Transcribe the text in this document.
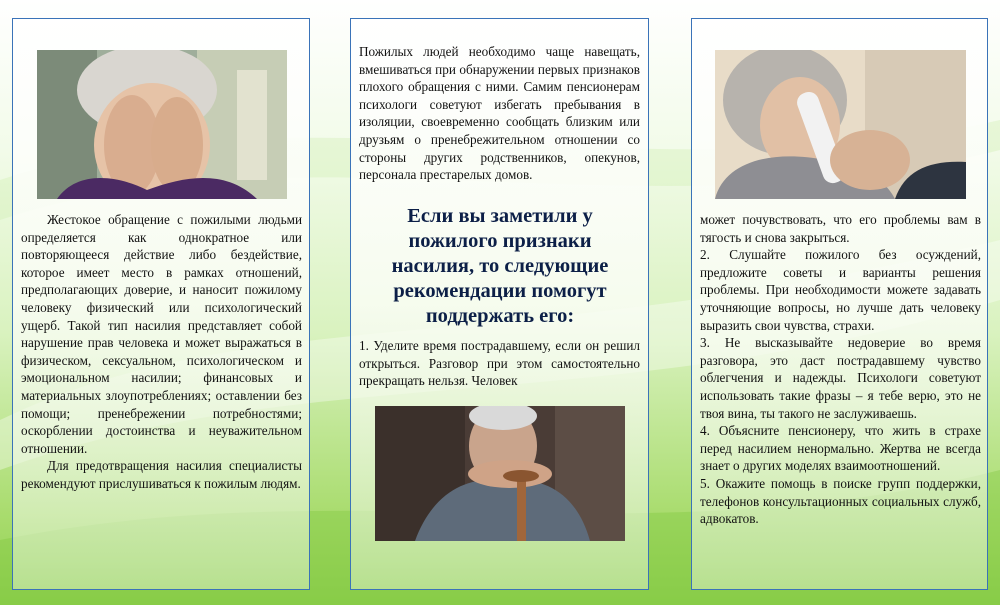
Жестокое обращение с пожилыми людьми определяется как однократное или повторяющееся действие либо бездействие, которое имеет место в рамках отношений, предполагающих доверие, и наносит пожилому человеку физический или психологический ущерб. Такой тип насилия представляет собой нарушение прав человека и может выражаться в физическом, сексуальном, психологическом и эмоциональном насилии; финансовых и материальных злоупотреблениях; оставлении без помощи; пренебрежении потребностями; оскорблении достоинства и неуважительном отношении.

Для предотвращения насилия специалисты рекомендуют прислушиваться к пожилым людям.

Пожилых людей необходимо чаще навещать, вмешиваться при обнаружении первых признаков плохого обращения с ними. Самим пенсионерам психологи советуют избегать пребывания в изоляции, своевременно сообщать близким или друзьям о пренебрежительном отношении со стороны других родственников, опекунов, персонала престарелых домов.

Если вы заметили у пожилого признаки насилия, то следующие рекомендации помогут поддержать его:

1. Уделите время пострадавшему, если он решил открыться. Разговор при этом самостоятельно прекращать нельзя. Человек

может почувствовать, что его проблемы вам в тягость и снова закрыться.

2. Слушайте пожилого без осуждений, предложите советы и варианты решения проблемы. При необходимости можете задавать уточняющие вопросы, но лучше дать человеку выразить свои чувства, страхи.

3. Не высказывайте недоверие во время разговора, это даст пострадавшему чувство облегчения и надежды. Психологи советуют использовать такие фразы – я тебе верю, это не твоя вина, ты такого не заслуживаешь.

4. Объясните пенсионеру, что жить в страхе перед насилием ненормально. Жертва не всегда знает о других моделях взаимоотношений.

5. Окажите помощь в поиске групп поддержки, телефонов консультационных социальных служб, адвокатов.
